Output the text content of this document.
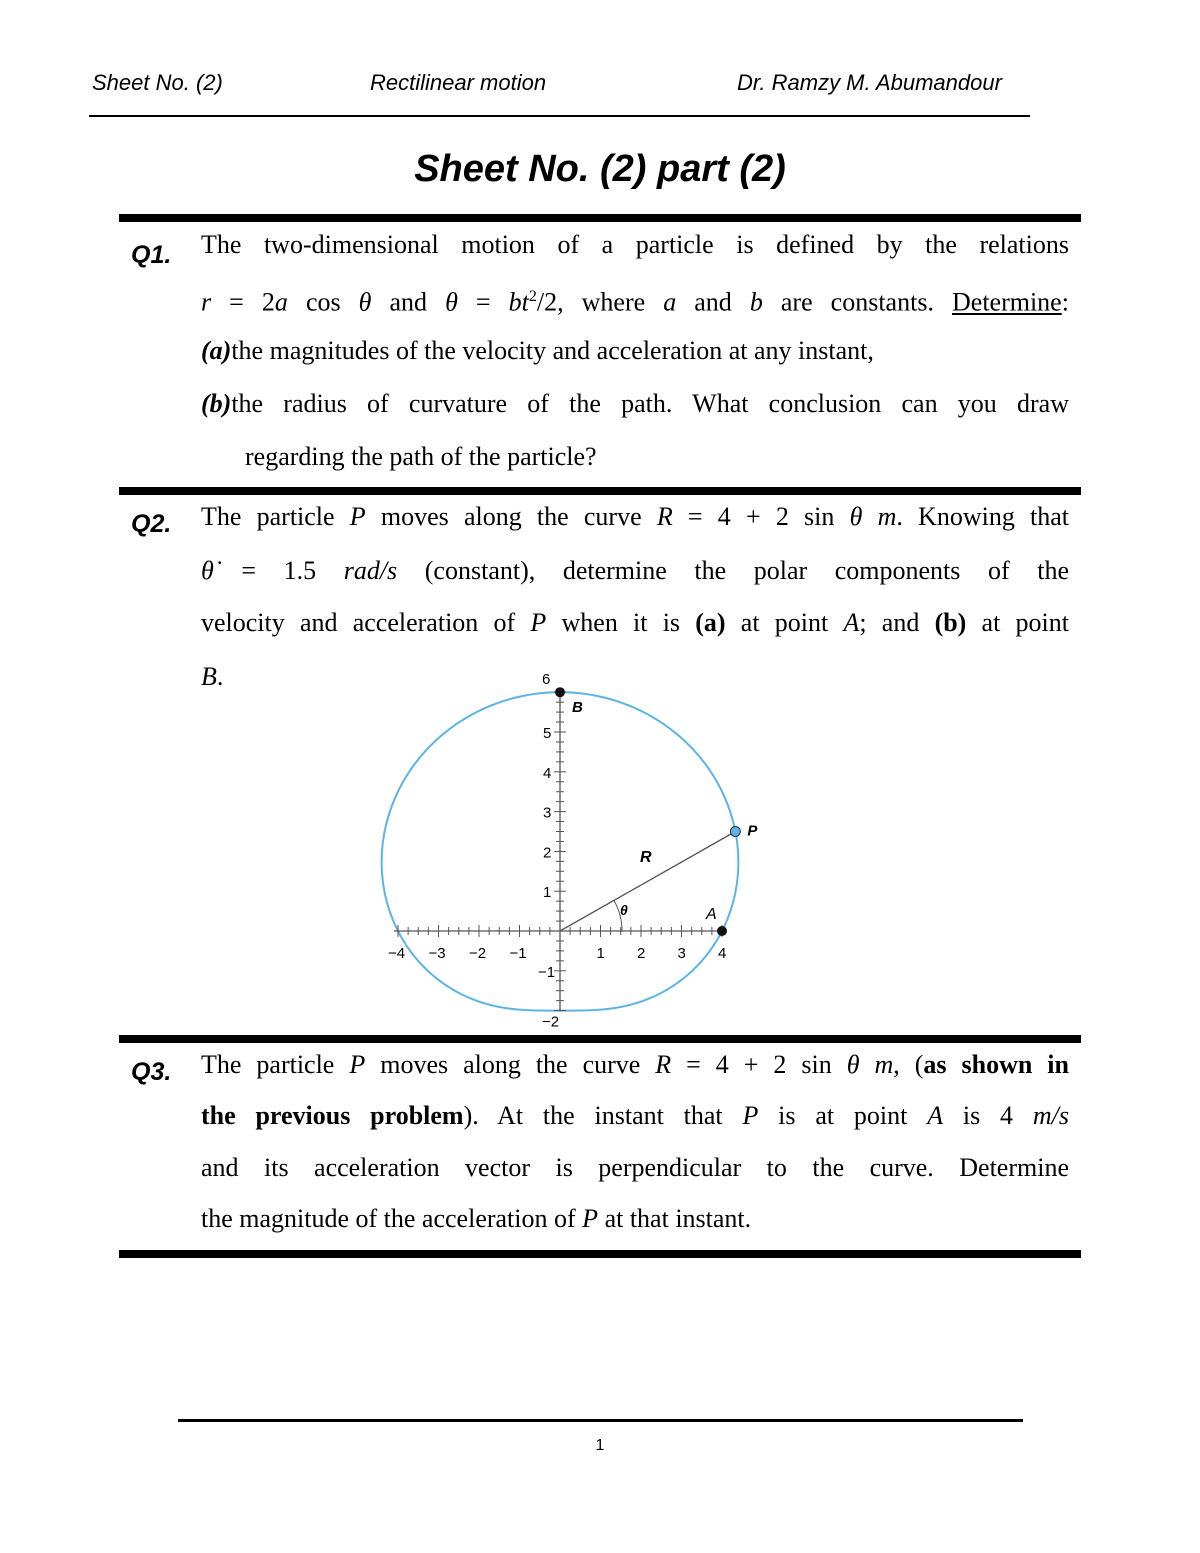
Sheet No. (2)	Rectilinear motion	Dr. Ramzy M. Abumandour
Sheet No. (2) part (2)
Q1. The two-dimensional motion of a particle is defined by the relations
r = 2a cos θ and $\theta = bt^2/2$, where a and b are constants. Determine:
(a)the magnitudes of the velocity and acceleration at any instant,
(b)the radius of curvature of the path. What conclusion can you draw
regarding the path of the particle?
Q2. The particle P moves along the curve R = 4 + 2 sin θ m. Knowing that
θ̇ = 1.5 rad/s (constant), determine the polar components of the
velocity and acceleration of P when it is (a) at point A; and (b) at point
B.
−4 −3 −2 −1	1 2 3 4
6
5
4
3
2
1
−1
−2
B
P
R
θ	A
Q3. The particle P moves along the curve R = 4 + 2 sin θ m, (as shown in
the previous problem). At the instant that P is at point A is 4 m/s
and its acceleration vector is perpendicular to the curve. Determine
the magnitude of the acceleration of P at that instant.
1
